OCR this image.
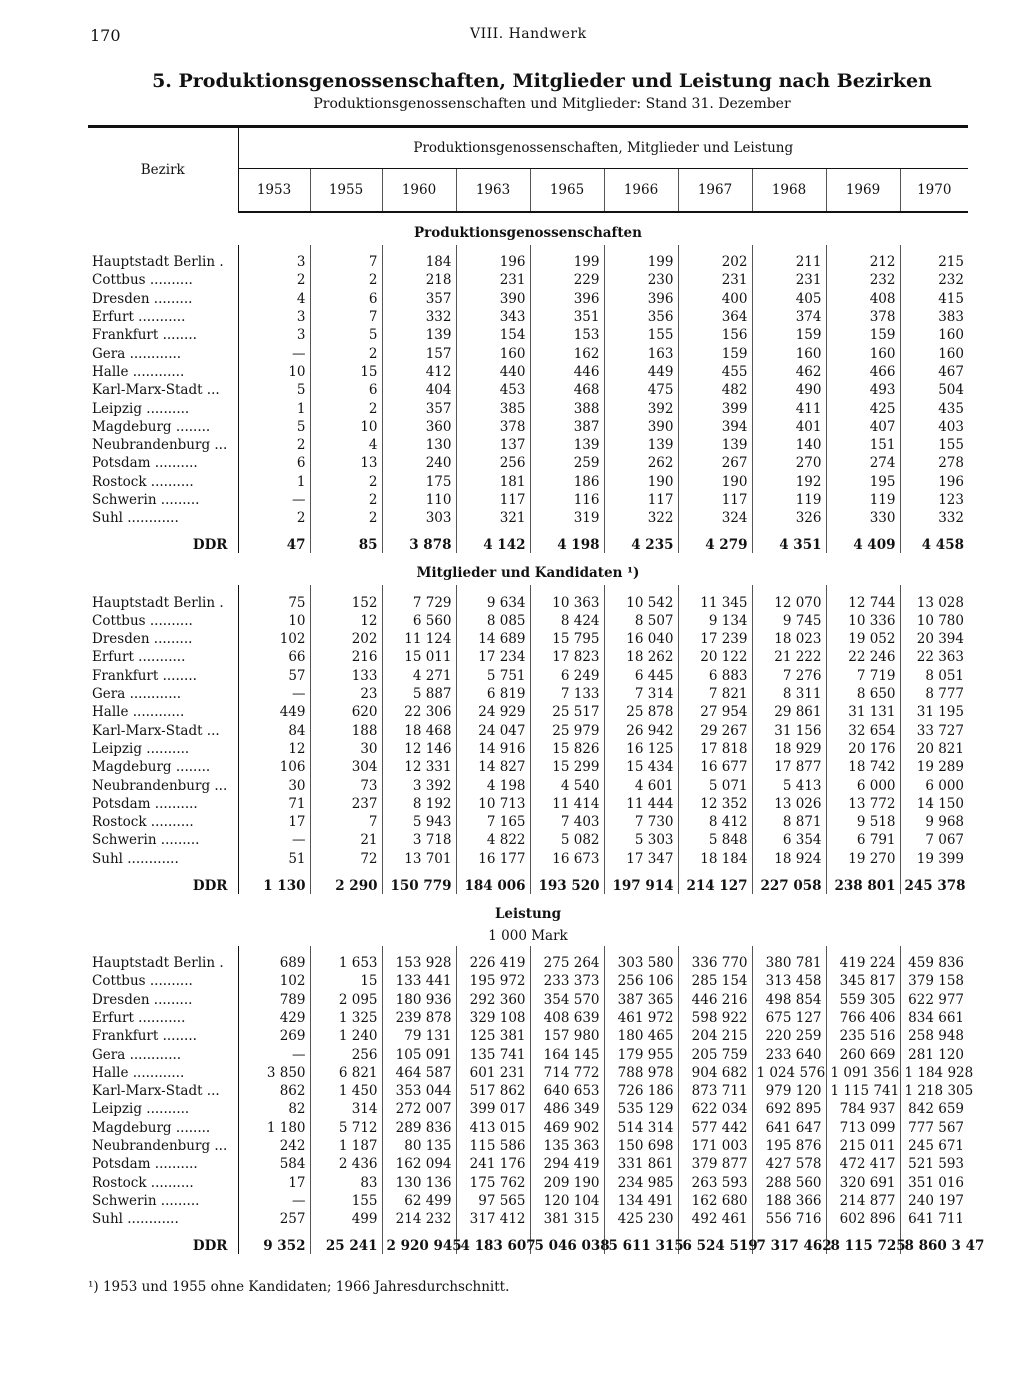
170	VIII. Handwerk
5. Produktionsgenossenschaften, Mitglieder und Leistung nach Bezirken
Produktionsgenossenschaften und Mitglieder: Stand 31. Dezember
Bezirk	Produktionsgenossenschaften, Mitglieder und Leistung									
	1953	1955	1960	1963	1965	1966	1967	1968	1969	1970
Produktionsgenossenschaften										

Hauptstadt Berlin .	3	7	184	196	199	199	202	211	212	215
Cottbus ..........	2	2	218	231	229	230	231	231	232	232
Dresden .........	4	6	357	390	396	396	400	405	408	415
Erfurt ...........	3	7	332	343	351	356	364	374	378	383
Frankfurt ........	3	5	139	154	153	155	156	159	159	160
Gera ............	—	2	157	160	162	163	159	160	160	160
Halle ............	10	15	412	440	446	449	455	462	466	467
Karl-Marx-Stadt ...	5	6	404	453	468	475	482	490	493	504
Leipzig ..........	1	2	357	385	388	392	399	411	425	435
Magdeburg ........	5	10	360	378	387	390	394	401	407	403
Neubrandenburg ...	2	4	130	137	139	139	139	140	151	155
Potsdam ..........	6	13	240	256	259	262	267	270	274	278
Rostock ..........	1	2	175	181	186	190	190	192	195	196
Schwerin .........	—	2	110	117	116	117	117	119	119	123
Suhl ............	2	2	303	321	319	322	324	326	330	332
DDR	47	85	3 878	4 142	4 198	4 235	4 279	4 351	4 409	4 458
Mitglieder und Kandidaten ¹)										

Hauptstadt Berlin .	75	152	7 729	9 634	10 363	10 542	11 345	12 070	12 744	13 028
Cottbus ..........	10	12	6 560	8 085	8 424	8 507	9 134	9 745	10 336	10 780
Dresden .........	102	202	11 124	14 689	15 795	16 040	17 239	18 023	19 052	20 394
Erfurt ...........	66	216	15 011	17 234	17 823	18 262	20 122	21 222	22 246	22 363
Frankfurt ........	57	133	4 271	5 751	6 249	6 445	6 883	7 276	7 719	8 051
Gera ............	—	23	5 887	6 819	7 133	7 314	7 821	8 311	8 650	8 777
Halle ............	449	620	22 306	24 929	25 517	25 878	27 954	29 861	31 131	31 195
Karl-Marx-Stadt ...	84	188	18 468	24 047	25 979	26 942	29 267	31 156	32 654	33 727
Leipzig ..........	12	30	12 146	14 916	15 826	16 125	17 818	18 929	20 176	20 821
Magdeburg ........	106	304	12 331	14 827	15 299	15 434	16 677	17 877	18 742	19 289
Neubrandenburg ...	30	73	3 392	4 198	4 540	4 601	5 071	5 413	6 000	6 000
Potsdam ..........	71	237	8 192	10 713	11 414	11 444	12 352	13 026	13 772	14 150
Rostock ..........	17	7	5 943	7 165	7 403	7 730	8 412	8 871	9 518	9 968
Schwerin .........	—	21	3 718	4 822	5 082	5 303	5 848	6 354	6 791	7 067
Suhl ............	51	72	13 701	16 177	16 673	17 347	18 184	18 924	19 270	19 399
DDR	1 130	2 290	150 779	184 006	193 520	197 914	214 127	227 058	238 801	245 378
Leistung										
1 000 Mark										

Hauptstadt Berlin .	689	1 653	153 928	226 419	275 264	303 580	336 770	380 781	419 224	459 836
Cottbus ..........	102	15	133 441	195 972	233 373	256 106	285 154	313 458	345 817	379 158
Dresden .........	789	2 095	180 936	292 360	354 570	387 365	446 216	498 854	559 305	622 977
Erfurt ...........	429	1 325	239 878	329 108	408 639	461 972	598 922	675 127	766 406	834 661
Frankfurt ........	269	1 240	79 131	125 381	157 980	180 465	204 215	220 259	235 516	258 948
Gera ............	—	256	105 091	135 741	164 145	179 955	205 759	233 640	260 669	281 120
Halle ............	3 850	6 821	464 587	601 231	714 772	788 978	904 682	1 024 576	1 091 356	1 184 928
Karl-Marx-Stadt ...	862	1 450	353 044	517 862	640 653	726 186	873 711	979 120	1 115 741	1 218 305
Leipzig ..........	82	314	272 007	399 017	486 349	535 129	622 034	692 895	784 937	842 659
Magdeburg ........	1 180	5 712	289 836	413 015	469 902	514 314	577 442	641 647	713 099	777 567
Neubrandenburg ...	242	1 187	80 135	115 586	135 363	150 698	171 003	195 876	215 011	245 671
Potsdam ..........	584	2 436	162 094	241 176	294 419	331 861	379 877	427 578	472 417	521 593
Rostock ..........	17	83	130 136	175 762	209 190	234 985	263 593	288 560	320 691	351 016
Schwerin .........	—	155	62 499	97 565	120 104	134 491	162 680	188 366	214 877	240 197
Suhl ............	257	499	214 232	317 412	381 315	425 230	492 461	556 716	602 896	641 711
DDR	9 352	25 241	2 920 945	4 183 607	5 046 038	5 611 315	6 524 519	7 317 462	8 115 725	8 860 3 47
¹) 1953 und 1955 ohne Kandidaten; 1966 Jahresdurchschnitt.
